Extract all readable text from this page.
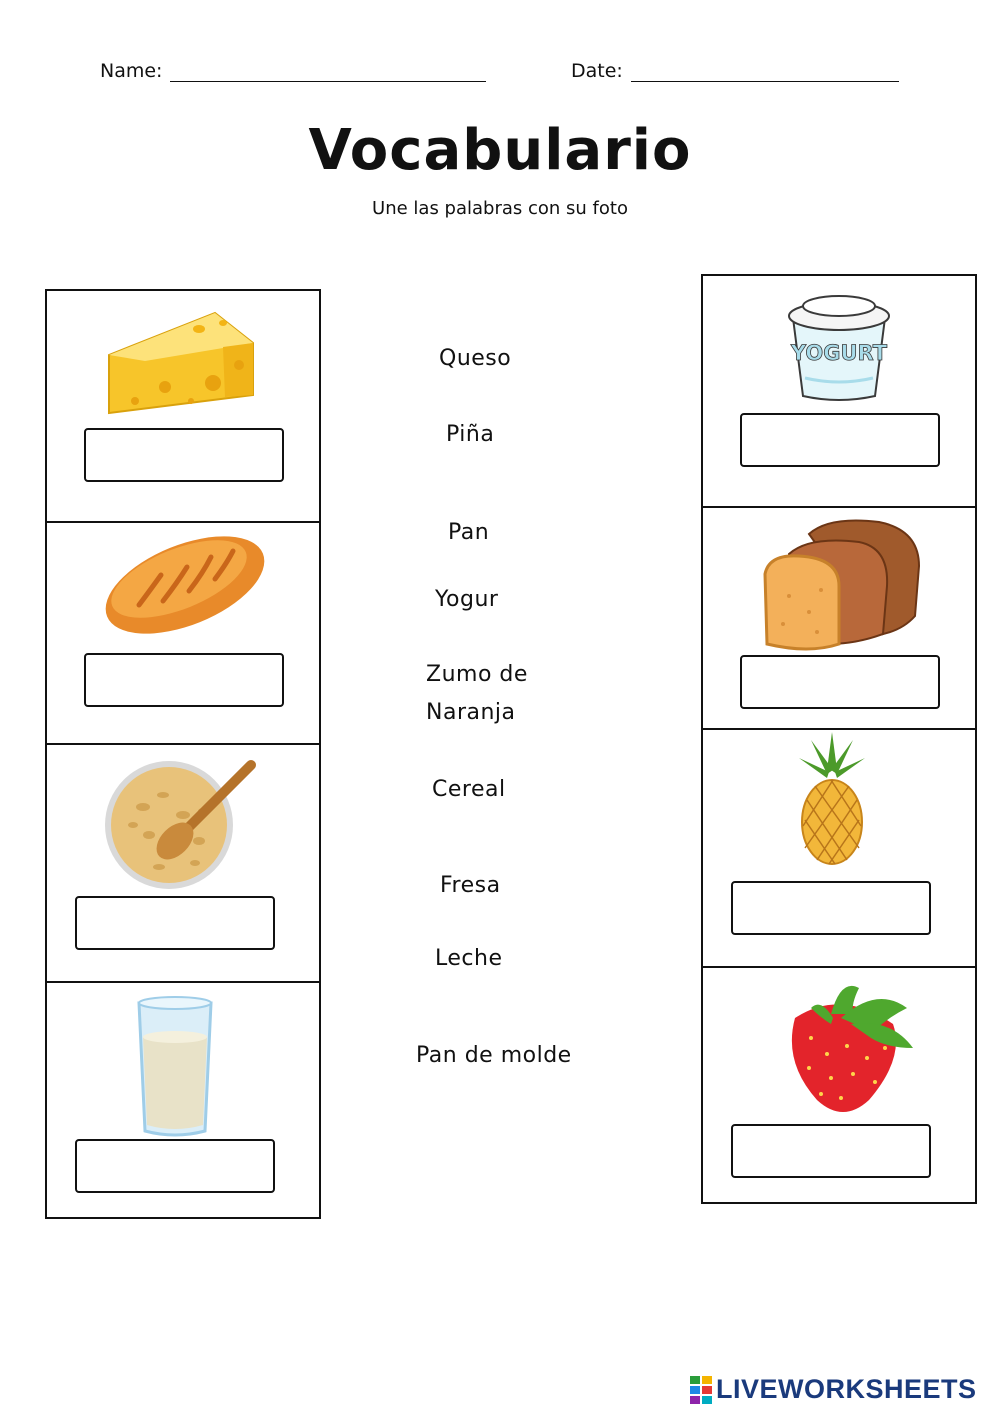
Name:	Date:
Vocabulario
Une las palabras con su foto
Queso
Piña
Pan
Yogur
Zumo de
Naranja
Cereal
Fresa
Leche
Pan de molde
YOGURT
LIVEWORKSHEETS
